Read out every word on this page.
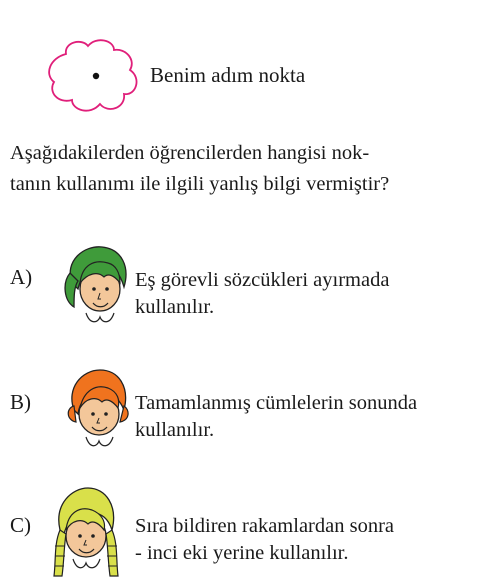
Benim adım nokta
Aşağıdakilerden öğrencilerden hangisi nok-
tanın kullanımı ile ilgili yanlış bilgi vermiştir?
A)	Eş görevli sözcükleri ayırmada
kullanılır.
B)	Tamamlanmış cümlelerin sonunda
kullanılır.
C)	Sıra bildiren rakamlardan sonra
- inci eki yerine kullanılır.
